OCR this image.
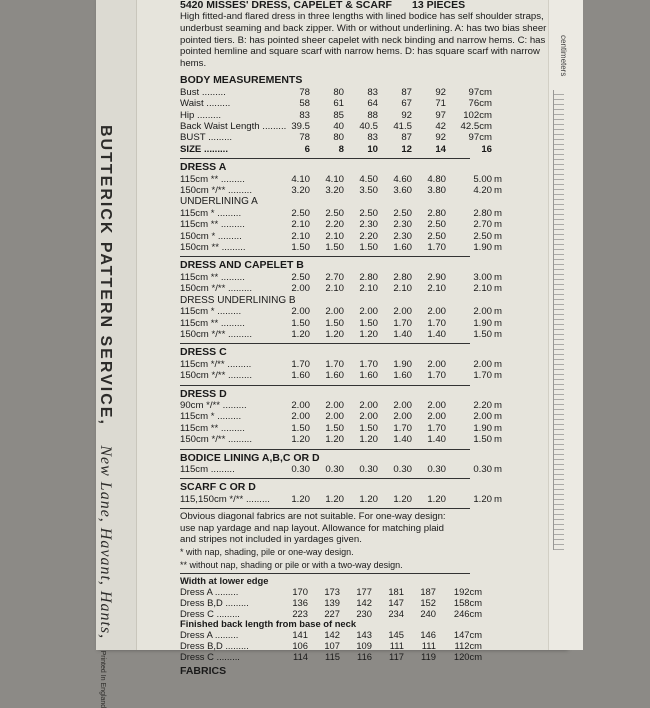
BUTTERICK PATTERN SERVICE, New Lane, Havant, Hants, Printed In England
centimeters
5420 MISSES' DRESS, CAPELET & SCARF	13 PIECES
High fitted-and flared dress in three lengths with lined bodice has self shoulder straps, underbust seaming and back zipper. With or without underlining. A: has two bias sheer pointed tiers. B: has pointed sheer capelet with neck binding and narrow hems. C: has pointed hemline and square scarf with narrow hems. D: has square scarf with narrow hems.
BODY MEASUREMENTS
Bust .........	78	80	83	87	92	97cm
Waist .........	58	61	64	67	71	76cm
Hip .........	83	85	88	92	97	102cm
Back Waist Length ......... 39.5	40	40.5	41.5	42	42.5cm
BUST .........	78	80	83	87	92	97cm
SIZE .........	6	8	10	12	14	16
DRESS A
115cm ** .........	4.10	4.10	4.50	4.60	4.80	5.00 m
150cm */** .........	3.20	3.20	3.50	3.60	3.80	4.20 m
UNDERLINING A
115cm * .........	2.50	2.50	2.50	2.50	2.80	2.80 m
115cm ** .........	2.10	2.20	2.30	2.30	2.50	2.70 m
150cm * .........	2.10	2.10	2.20	2.30	2.50	2.50 m
150cm ** .........	1.50	1.50	1.50	1.60	1.70	1.90 m
DRESS AND CAPELET B
115cm ** .........	2.50	2.70	2.80	2.80	2.90	3.00 m
150cm */** .........	2.00	2.10	2.10	2.10	2.10	2.10 m
DRESS UNDERLINING B
115cm * .........	2.00	2.00	2.00	2.00	2.00	2.00 m
115cm ** .........	1.50	1.50	1.50	1.70	1.70	1.90 m
150cm */** .........	1.20	1.20	1.20	1.40	1.40	1.50 m
DRESS C
115cm */** .........	1.70	1.70	1.70	1.90	2.00	2.00 m
150cm */** .........	1.60	1.60	1.60	1.60	1.70	1.70 m
DRESS D
90cm */** .........	2.00	2.00	2.00	2.00	2.00	2.20 m
115cm * .........	2.00	2.00	2.00	2.00	2.00	2.00 m
115cm ** .........	1.50	1.50	1.50	1.70	1.70	1.90 m
150cm */** .........	1.20	1.20	1.20	1.40	1.40	1.50 m
BODICE LINING A,B,C OR D
115cm .........	0.30	0.30	0.30	0.30	0.30	0.30 m
SCARF C OR D
115,150cm */** .........	1.20	1.20	1.20	1.20	1.20	1.20 m
Obvious diagonal fabrics are not suitable. For one-way design: use nap yardage and nap layout. Allowance for matching plaid and stripes not included in yardages given.
* with nap, shading, pile or one-way design.
** without nap, shading or pile or with a two-way design.
Width at lower edge
Dress A .........	170	173	177	181	187	192cm
Dress B,D .........	136	139	142	147	152	158cm
Dress C .........	223	227	230	234	240	246cm
Finished back length from base of neck
Dress A .........	141	142	143	145	146	147cm
Dress B,D .........	106	107	109	111	111	112cm
Dress C .........	114	115	116	117	119	120cm
FABRICS
